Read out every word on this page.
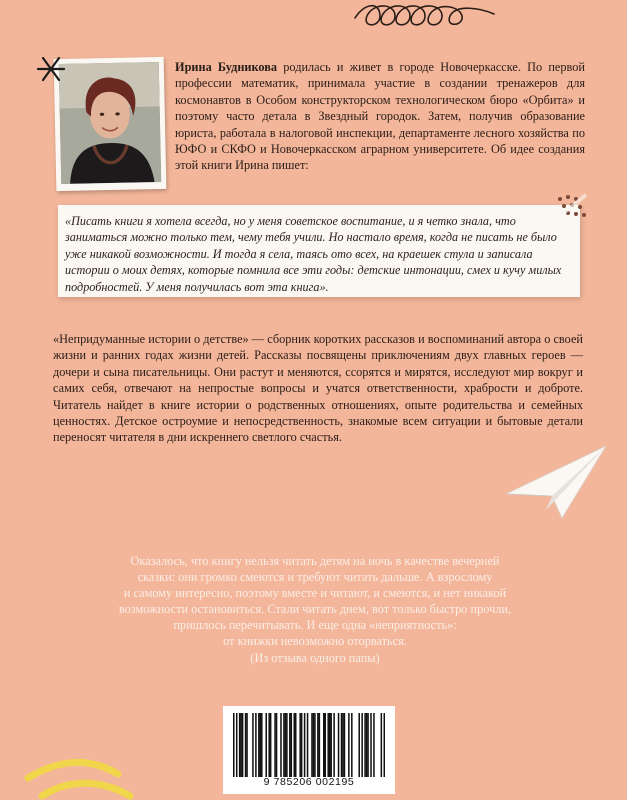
Ирина Будникова родилась и живет в городе Новочеркасске. По первой профессии математик, принимала участие в создании тренажеров для космонавтов в Особом конструкторском технологическом бюро «Орбита» и поэтому часто детала в Звездный городок. Затем, получив образование юриста, работала в налоговой инспекции, департаменте лесного хозяйства по ЮФО и СКФО и Новочеркасском аграрном университете. Об идее создания этой книги Ирина пишет:
«Писать книги я хотела всегда, но у меня советское воспитание, и я четко знала, что заниматься можно только тем, чему тебя учили. Но настало время, когда не писать не было уже никакой возможности. И тогда я села, таясь ото всех, на краешек стула и записала истории о моих детях, которые помнила все эти годы: детские интонации, смех и кучу милых подробностей. У меня получилась вот эта книга».
«Непридуманные истории о детстве» — сборник коротких рассказов и воспоминаний автора о своей жизни и ранних годах жизни детей. Рассказы посвящены приключениям двух главных героев — дочери и сына писательницы. Они растут и меняются, ссорятся и мирятся, исследуют мир вокруг и самих себя, отвечают на непростые вопросы и учатся ответственности, храбрости и доброте. Читатель найдет в книге истории о родственных отношениях, опыте родительства и семейных ценностях. Детское остроумие и непосредственность, знакомые всем ситуации и бытовые детали переносят читателя в дни искреннего светлого счастья.
Оказалось, что книгу нельзя читать детям на ночь в качестве вечерней
сказки: они громко смеются и требуют читать дальше. А взрослому
и самому интересно, поэтому вместе и читают, и смеются, и нет никакой
возможности остановиться. Стали читать днем, вот только быстро прочли,
пришлось перечитывать. И еще одна «неприятность»:
от книжки невозможно оторваться.
(Из отзыва одного папы)
9 785206 002195
